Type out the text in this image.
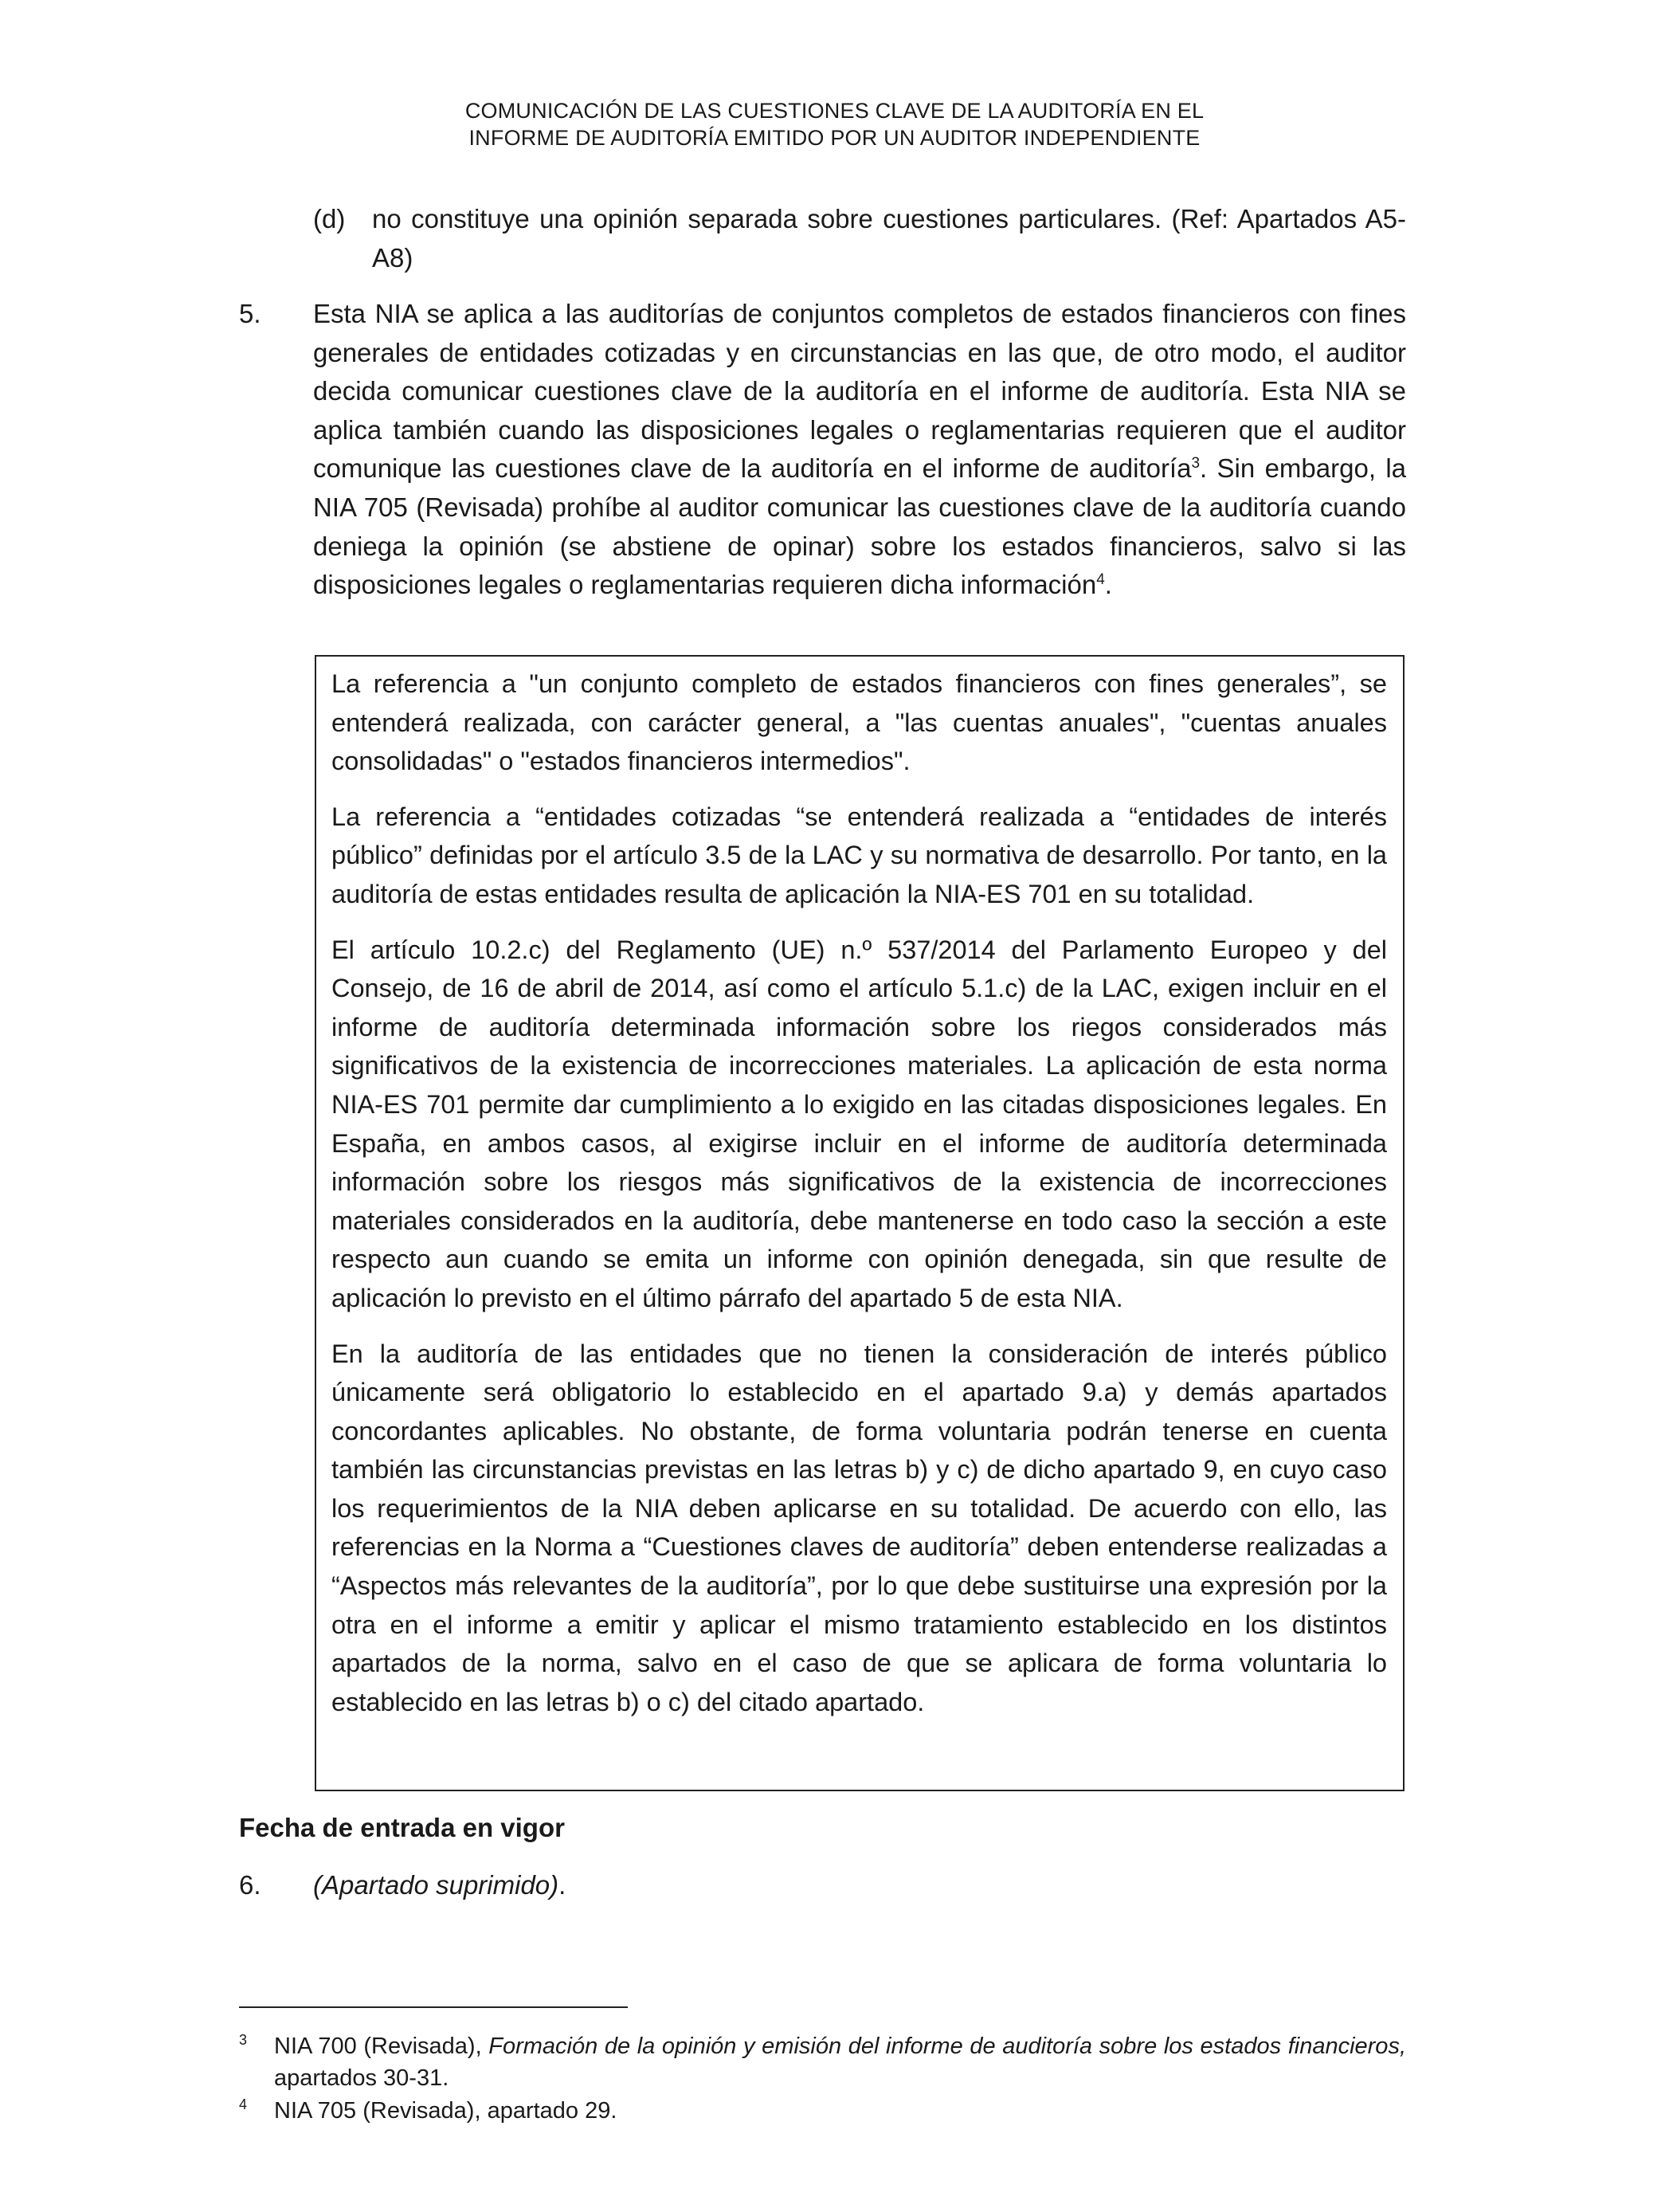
COMUNICACIÓN DE LAS CUESTIONES CLAVE DE LA AUDITORÍA EN EL
INFORME DE AUDITORÍA EMITIDO POR UN AUDITOR INDEPENDIENTE
(d) no constituye una opinión separada sobre cuestiones particulares. (Ref: Apartados A5-A8)
5. Esta NIA se aplica a las auditorías de conjuntos completos de estados financieros con fines generales de entidades cotizadas y en circunstancias en las que, de otro modo, el auditor decida comunicar cuestiones clave de la auditoría en el informe de auditoría. Esta NIA se aplica también cuando las disposiciones legales o reglamentarias requieren que el auditor comunique las cuestiones clave de la auditoría en el informe de auditoría$^3$. Sin embargo, la NIA 705 (Revisada) prohíbe al auditor comunicar las cuestiones clave de la auditoría cuando deniega la opinión (se abstiene de opinar) sobre los estados financieros, salvo si las disposiciones legales o reglamentarias requieren dicha información$^4$.

La referencia a "un conjunto completo de estados financieros con fines generales”, se entenderá realizada, con carácter general, a "las cuentas anuales", "cuentas anuales consolidadas" o "estados financieros intermedios".

La referencia a “entidades cotizadas “se entenderá realizada a “entidades de interés público” definidas por el artículo 3.5 de la LAC y su normativa de desarrollo. Por tanto, en la auditoría de estas entidades resulta de aplicación la NIA-ES 701 en su totalidad.

El artículo 10.2.c) del Reglamento (UE) n.º 537/2014 del Parlamento Europeo y del Consejo, de 16 de abril de 2014, así como el artículo 5.1.c) de la LAC, exigen incluir en el informe de auditoría determinada información sobre los riegos considerados más significativos de la existencia de incorrecciones materiales. La aplicación de esta norma NIA-ES 701 permite dar cumplimiento a lo exigido en las citadas disposiciones legales. En España, en ambos casos, al exigirse incluir en el informe de auditoría determinada información sobre los riesgos más significativos de la existencia de incorrecciones materiales considerados en la auditoría, debe mantenerse en todo caso la sección a este respecto aun cuando se emita un informe con opinión denegada, sin que resulte de aplicación lo previsto en el último párrafo del apartado 5 de esta NIA.

En la auditoría de las entidades que no tienen la consideración de interés público únicamente será obligatorio lo establecido en el apartado 9.a) y demás apartados concordantes aplicables. No obstante, de forma voluntaria podrán tenerse en cuenta también las circunstancias previstas en las letras b) y c) de dicho apartado 9, en cuyo caso los requerimientos de la NIA deben aplicarse en su totalidad. De acuerdo con ello, las referencias en la Norma a “Cuestiones claves de auditoría” deben entenderse realizadas a “Aspectos más relevantes de la auditoría”, por lo que debe sustituirse una expresión por la otra en el informe a emitir y aplicar el mismo tratamiento establecido en los distintos apartados de la norma, salvo en el caso de que se aplicara de forma voluntaria lo establecido en las letras b) o c) del citado apartado.

Fecha de entrada en vigor
6. (Apartado suprimido).
3 NIA 700 (Revisada), Formación de la opinión y emisión del informe de auditoría sobre los estados financieros, apartados 30-31.
4 NIA 705 (Revisada), apartado 29.
